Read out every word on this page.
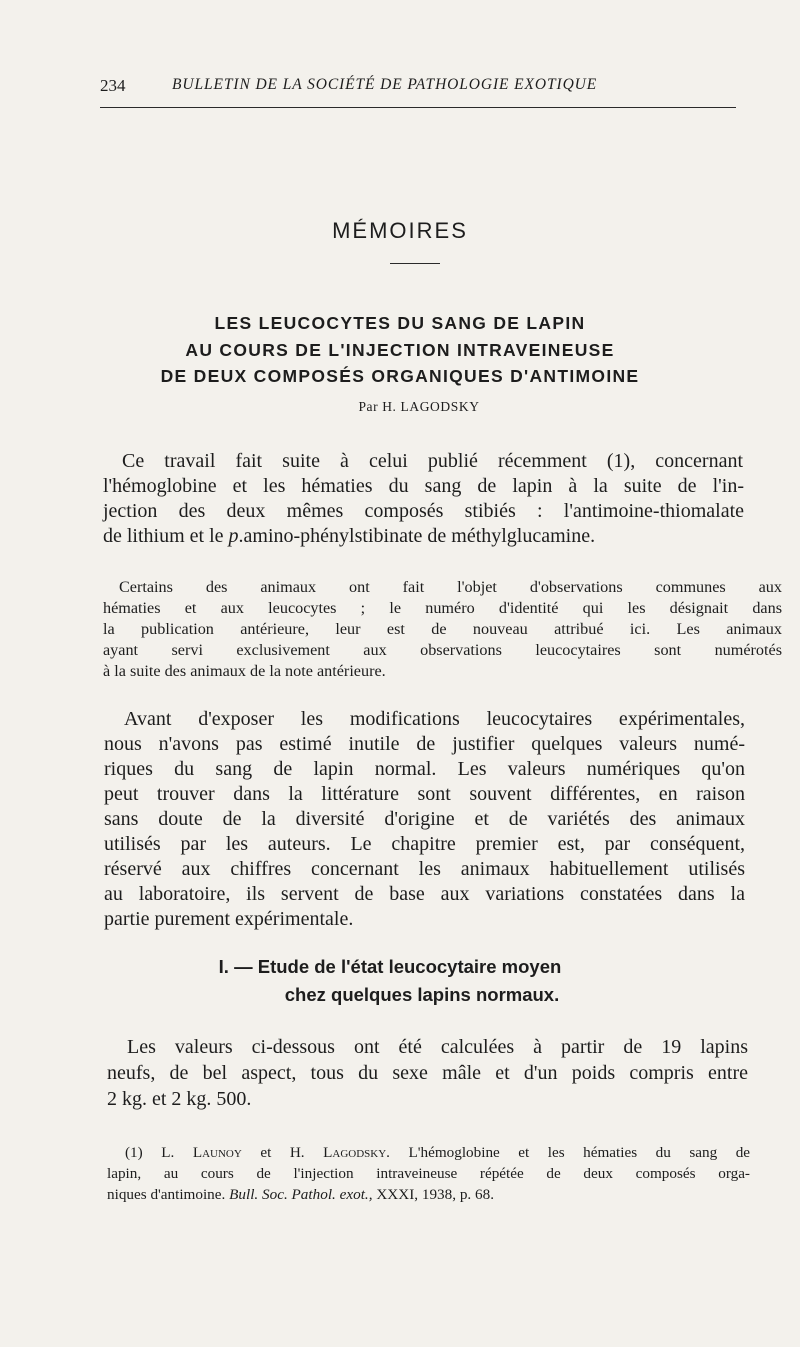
234	BULLETIN DE LA SOCIÉTÉ DE PATHOLOGIE EXOTIQUE
MÉMOIRES
LES LEUCOCYTES DU SANG DE LAPIN
AU COURS DE L'INJECTION INTRAVEINEUSE
DE DEUX COMPOSÉS ORGANIQUES D'ANTIMOINE
Par H. LAGODSKY
Ce travail fait suite à celui publié récemment (1), concernant
l'hémoglobine et les hématies du sang de lapin à la suite de l'in-
jection des deux mêmes composés stibiés : l'antimoine-thiomalate
de lithium et le p.amino-phénylstibinate de méthylglucamine.
Certains des animaux ont fait l'objet d'observations communes aux
hématies et aux leucocytes ; le numéro d'identité qui les désignait dans
la publication antérieure, leur est de nouveau attribué ici. Les animaux
ayant servi exclusivement aux observations leucocytaires sont numérotés
à la suite des animaux de la note antérieure.
Avant d'exposer les modifications leucocytaires expérimentales,
nous n'avons pas estimé inutile de justifier quelques valeurs numé-
riques du sang de lapin normal. Les valeurs numériques qu'on
peut trouver dans la littérature sont souvent différentes, en raison
sans doute de la diversité d'origine et de variétés des animaux
utilisés par les auteurs. Le chapitre premier est, par conséquent,
réservé aux chiffres concernant les animaux habituellement utilisés
au laboratoire, ils servent de base aux variations constatées dans la
partie purement expérimentale.
I. — Etude de l'état leucocytaire moyen
chez quelques lapins normaux.
Les valeurs ci-dessous ont été calculées à partir de 19 lapins
neufs, de bel aspect, tous du sexe mâle et d'un poids compris entre
2 kg. et 2 kg. 500.
(1) L. Launoy et H. Lagodsky. L'hémoglobine et les hématies du sang de
lapin, au cours de l'injection intraveineuse répétée de deux composés orga-
niques d'antimoine. Bull. Soc. Pathol. exot., XXXI, 1938, p. 68.
